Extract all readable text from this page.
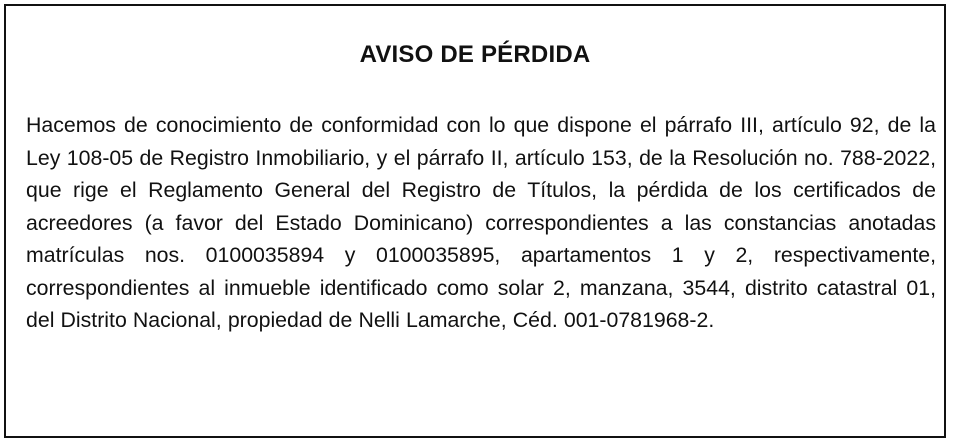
AVISO DE PÉRDIDA
Hacemos de conocimiento de conformidad con lo que dispone el párrafo III, artículo 92, de la Ley 108-05 de Registro Inmobiliario, y el párrafo II, artículo 153, de la Resolución no. 788-2022, que rige el Reglamento General del Registro de Títulos, la pérdida de los certificados de acreedores (a favor del Estado Dominicano) correspondientes a las constancias anotadas matrículas nos. 0100035894 y 0100035895, apartamentos 1 y 2, respectivamente, correspondientes al inmueble identificado como solar 2, manzana, 3544, distrito catastral 01, del Distrito Nacional, propiedad de Nelli Lamarche, Céd. 001-0781968-2.
